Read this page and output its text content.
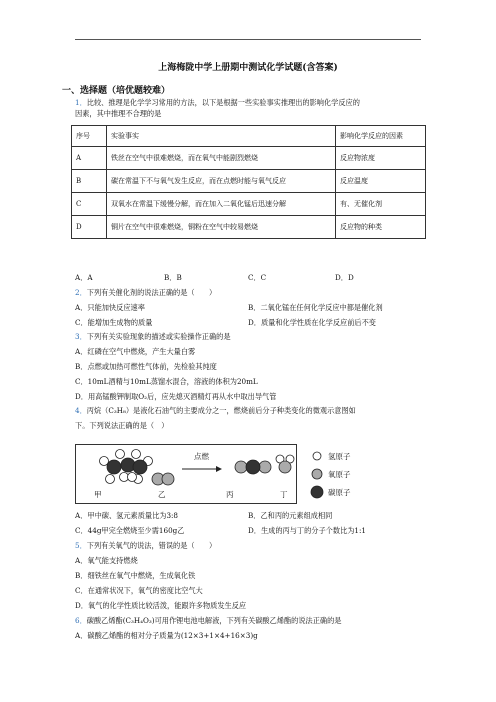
上海梅陇中学上册期中测试化学试题(含答案)
一、选择题（培优题较难）
1．比较、推理是化学学习常用的方法，以下是根据一些实验事实推理出的影响化学反应的
因素，其中推理不合理的是
序号	实验事实	影响化学反应的因素
A	铁丝在空气中很难燃烧，而在氧气中能剧烈燃烧	反应物浓度
B	碳在常温下不与氧气发生反应，而在点燃时能与氧气反应	反应温度
C	双氧水在常温下缓慢分解，而在加入二氧化锰后迅速分解	有、无催化剂
D	铜片在空气中很难燃烧，铜粉在空气中较易燃烧	反应物的种类
A．A	B．B	C．C	D．D
2．下列有关催化剂的说法正确的是（　　）
A．只能加快反应速率	B．二氧化锰在任何化学反应中都是催化剂
C．能增加生成物的质量	D．质量和化学性质在化学反应前后不变
3．下列有关实验现象的描述或实验操作正确的是
A．红磷在空气中燃烧，产生大量白雾
B．点燃或加热可燃性气体前，先检验其纯度
C．10mL酒精与10mL蒸馏水混合，溶液的体积为20mL
D．用高锰酸钾制取O₂后，应先熄灭酒精灯再从水中取出导气管
4．丙烷（C₃H₈）是液化石油气的主要成分之一，燃烧前后分子种类变化的微观示意图如
下。下列说法正确的是（　）
点燃
甲	乙	丙	丁
氢原子
氧原子
碳原子
A．甲中碳、氢元素质量比为3:8	B．乙和丙的元素组成相同
C．44g甲完全燃烧至少需160g乙	D．生成的丙与丁的分子个数比为1:1
5．下列有关氧气的说法，错误的是（　　）
A．氧气能支持燃烧
B．细铁丝在氧气中燃烧，生成氧化铁
C．在通常状况下，氧气的密度比空气大
D．氧气的化学性质比较活泼，能跟许多物质发生反应
6．碳酸乙烯酯(C₃H₄O₃)可用作锂电池电解液，下列有关碳酸乙烯酯的说法正确的是
A．碳酸乙烯酯的相对分子质量为(12×3+1×4+16×3)g
